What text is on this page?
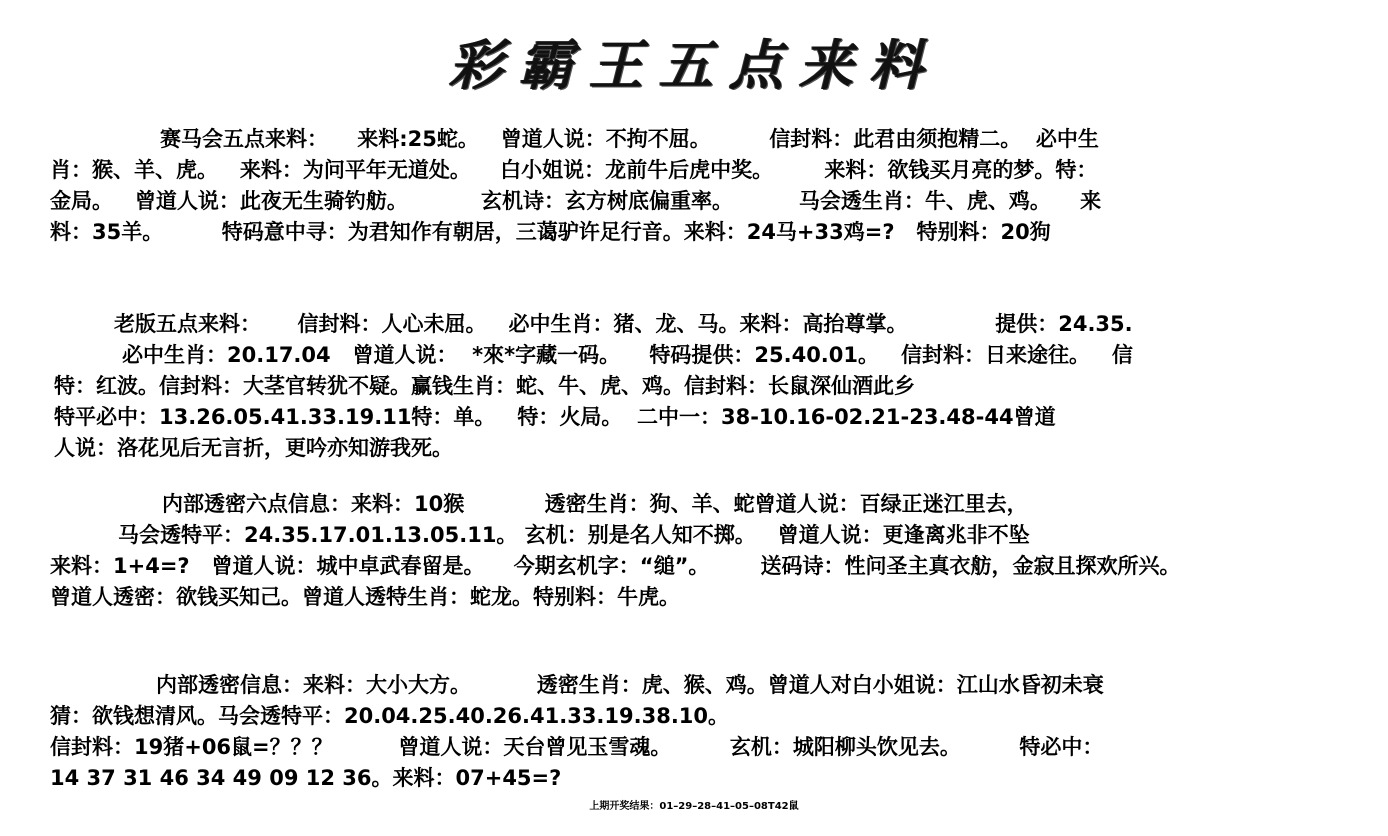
彩霸王五点来料
赛马会五点来料：    来料:25蛇。   曾道人说：不拘不屈。        信封料：此君由须抱精二。  必中生
肖：猴、羊、虎。   来料：为问平年无道处。    白小姐说：龙前牛后虎中奖。       来料：欲钱买月亮的梦。特：
金局。   曾道人说：此夜无生骑钓舫。          玄机诗：玄方树底偏重率。         马会透生肖：牛、虎、鸡。    来
料：35羊。        特码意中寻：为君知作有朝居，三蔼驴许足行音。来料：24马+33鸡=?   特别料：20狗
老版五点来料：     信封料：人心未屈。   必中生肖：猪、龙、马。来料：高抬尊掌。            提供：24.35.
必中生肖：20.17.04   曾道人说：  *來*字藏一码。    特码提供：25.40.01。   信封料：日来途往。   信
特：红波。信封料：大茎官转犹不疑。赢钱生肖：蛇、牛、虎、鸡。信封料：长鼠深仙酒此乡
特平必中：13.26.05.41.33.19.11特：单。   特：火局。  二中一：38-10.16-02.21-23.48-44曾道
人说：洛花见后无言折，更吟亦知游我死。
内部透密六点信息：来料：10猴           透密生肖：狗、羊、蛇曾道人说：百绿正迷江里去，
马会透特平：24.35.17.01.13.05.11。 玄机：别是名人知不掷。   曾道人说：更逢离兆非不坠
来料：1+4=?   曾道人说：城中卓武春留是。    今期玄机字：“缒”。       送码诗：性问圣主真衣舫，金寂且探欢所兴。
曾道人透密：欲钱买知己。曾道人透特生肖：蛇龙。特别料：牛虎。
内部透密信息：来料：大小大方。         透密生肖：虎、猴、鸡。曾道人对白小姐说：江山水昏初未衰
猜：欲钱想清风。马会透特平：20.04.25.40.26.41.33.19.38.10。
信封料：19猪+06鼠=？？？         曾道人说：天台曾见玉雪魂。        玄机：城阳柳头饮见去。        特必中：
14 37 31 46 34 49 09 12 36。来料：07+45=?
上期开奖结果：01–29–28–41–05–08T42鼠
